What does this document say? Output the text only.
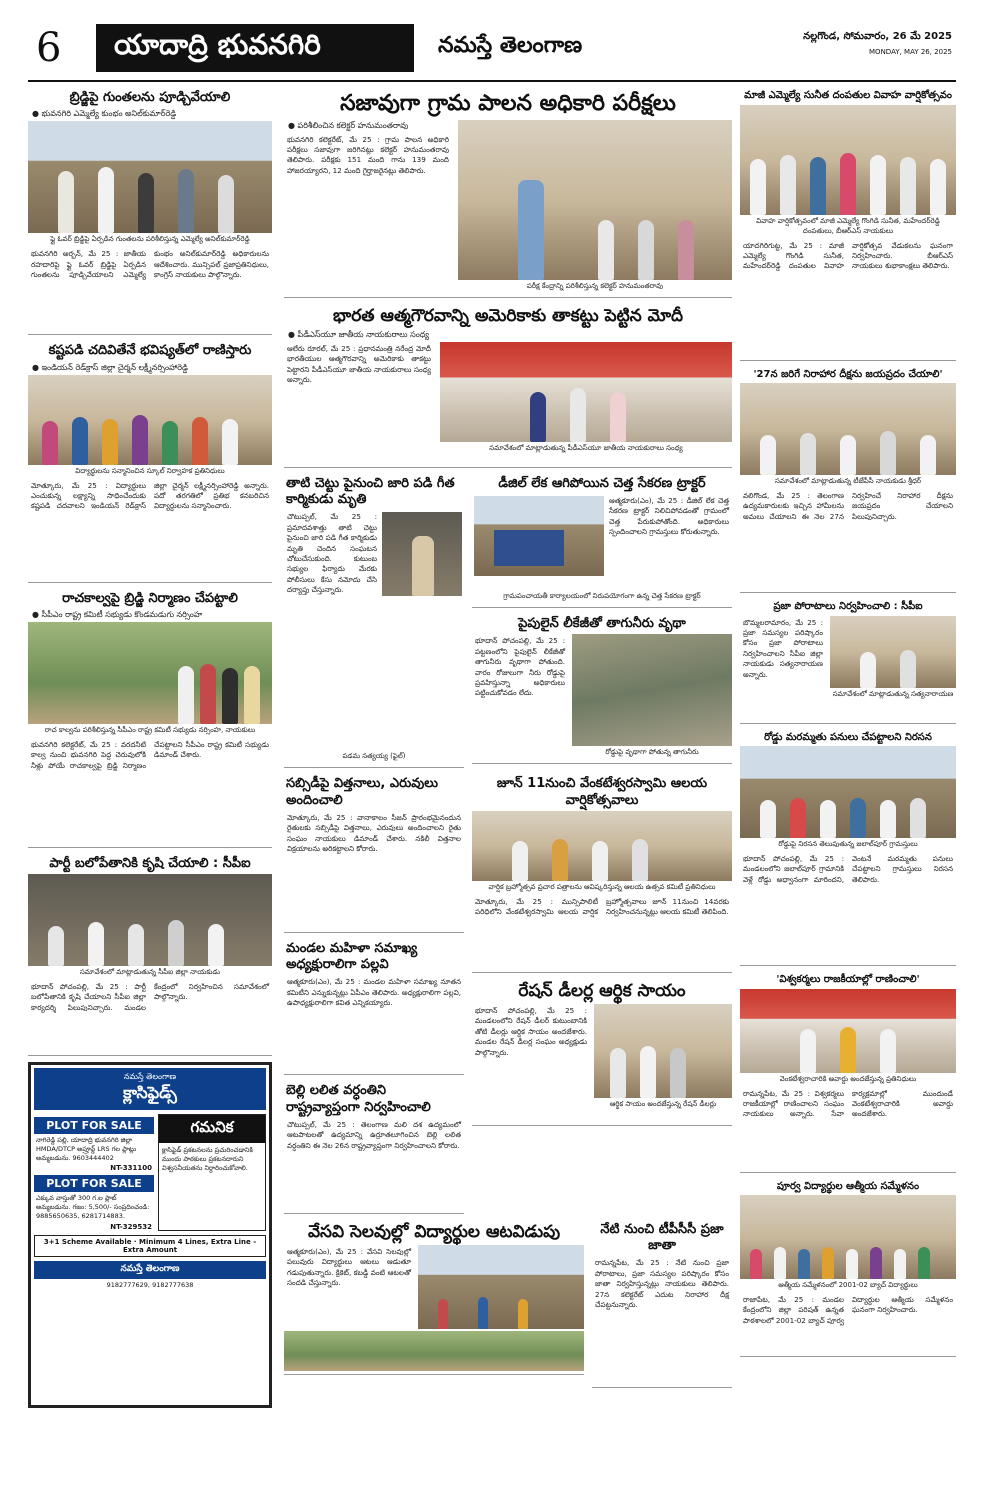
6	యాదాద్రి భువనగిరి	నమస్తే తెలంగాణ	నల్లగొండ, సోమవారం, 26 మే 2025
MONDAY, MAY 26, 2025
బ్రిడ్జిపై గుంతలను పూడ్చివేయాలి
● భువనగిరి ఎమ్మెల్యే కుంభం అనిల్‌కుమార్‌రెడ్డి
ఫ్లై ఓవర్ బ్రిడ్జిపై ఏర్పడిన గుంతలను పరిశీలిస్తున్న ఎమ్మెల్యే అనిల్‌కుమార్‌రెడ్డి
భువనగిరి అర్బన్, మే 25 : జాతీయ రహదారిపై ఫ్లై ఓవర్ బ్రిడ్జిపై ఏర్పడిన గుంతలను పూడ్చివేయాలని ఎమ్మెల్యే కుంభం అనిల్‌కుమార్‌రెడ్డి అధికారులను ఆదేశించారు. మున్సిపల్ ప్రజాప్రతినిధులు, కాంగ్రెస్ నాయకులు పాల్గొన్నారు.
కష్టపడి చదివితేనే భవిష్యత్‌లో రాణిస్తారు
● ఇండియన్ రెడ్‌క్రాస్ జిల్లా చైర్మన్ లక్ష్మీనర్సింహారెడ్డి
విద్యార్థులను సన్మానించిన స్కూల్ నిర్వాహక ప్రతినిధులు
మోత్కూరు, మే 25 : విద్యార్థులు ఎంచుకున్న లక్ష్యాన్ని సాధించేందుకు కష్టపడి చదవాలని ఇండియన్ రెడ్‌క్రాస్ జిల్లా చైర్మన్ లక్ష్మీనర్సింహారెడ్డి అన్నారు. పదో తరగతిలో ప్రతిభ కనబరిచిన విద్యార్థులను సన్మానించారు.
రాచకాల్వపై బ్రిడ్జి నిర్మాణం చేపట్టాలి
● సీపీఎం రాష్ట్ర కమిటీ సభ్యుడు కొండమడుగు నర్సింహ
రాచ కాల్వను పరిశీలిస్తున్న సీపీఎం రాష్ట్ర కమిటీ సభ్యుడు నర్సింహ, నాయకులు
భువనగిరి కలెక్టరేట్, మే 25 : వరదనీటి కాల్వ నుంచి భువనగిరి పెద్ద చెరువులోకి నీళ్లు పోయే రాచకాల్వపై బ్రిడ్జి నిర్మాణం చేపట్టాలని సీపీఎం రాష్ట్ర కమిటీ సభ్యుడు డిమాండ్ చేశారు.
పార్టీ బలోపేతానికి కృషి చేయాలి : సీపీఐ
సమావేశంలో మాట్లాడుతున్న సీపీఐ జిల్లా నాయకుడు
భూదాన్ పోచంపల్లి, మే 25 : పార్టీ బలోపేతానికి కృషి చేయాలని సీపీఐ జిల్లా కార్యదర్శి పిలుపునిచ్చారు. మండల కేంద్రంలో నిర్వహించిన సమావేశంలో పాల్గొన్నారు.
నమస్తే తెలంగాణ
క్లాసిఫైడ్స్
PLOT FOR SALE
నాగిరెడ్డి పల్లి, యాదాద్రి భువనగిరి జిల్లా HMDA/DTCP అప్రూవ్డ్ LRS గల ప్లాట్లు అమ్మబడును. 9603444402
NT-331100
PLOT FOR SALE
ఎక్కువ వాస్తుతో 300 గ.ల ప్లాట్ అమ్మబడును. గజం: 5,500/- సంప్రదించండి: 9885650635, 6281714883.
NT-329532
గమనిక
క్లాసిఫైడ్ ప్రకటనలను ప్రచురించడానికి ముందు పాఠకులు ప్రకటనదారుని విశ్వసనీయతను నిర్ధారించుకోవాలి.
3+1 Scheme Available · Minimum 4 Lines, Extra Line - Extra Amount
నమస్తే తెలంగాణ
9182777629, 9182777638
సజావుగా గ్రామ పాలన అధికారి పరీక్షలు
● పరిశీలించిన కలెక్టర్ హనుమంతరావు
భువనగిరి కలెక్టరేట్, మే 25 : గ్రామ పాలన అధికారి పరీక్షలు సజావుగా జరిగినట్లు కలెక్టర్ హనుమంతరావు తెలిపారు. పరీక్షకు 151 మంది గాను 139 మంది హాజరయ్యారని, 12 మంది గైర్హాజరైనట్లు తెలిపారు.
పరీక్ష కేంద్రాన్ని పరిశీలిస్తున్న కలెక్టర్ హనుమంతరావు
భారత ఆత్మగౌరవాన్ని అమెరికాకు తాకట్టు పెట్టిన మోదీ
● పీడీఎస్‌యూ జాతీయ నాయకురాలు సంధ్య
ఆలేరు రూరల్, మే 25 : ప్రధానమంత్రి నరేంద్ర మోదీ భారతీయుల ఆత్మగౌరవాన్ని అమెరికాకు తాకట్టు పెట్టారని పీడీఎస్‌యూ జాతీయ నాయకురాలు సంధ్య అన్నారు.
సమావేశంలో మాట్లాడుతున్న పీడీఎస్‌యూ జాతీయ నాయకురాలు సంధ్య
తాటి చెట్టు పైనుంచి జారి పడి గీత కార్మికుడు మృతి
చౌటుప్పల్, మే 25 : ప్రమాదవశాత్తు తాటి చెట్టు పైనుంచి జారి పడి గీత కార్మికుడు మృతి చెందిన సంఘటన చోటుచేసుకుంది. కుటుంబ సభ్యుల ఫిర్యాదు మేరకు పోలీసులు కేసు నమోదు చేసి దర్యాప్తు చేస్తున్నారు.
పడమ సత్యయ్య (ఫైల్)
డీజిల్ లేక ఆగిపోయిన చెత్త సేకరణ ట్రాక్టర్
ఆత్మకూరు(ఎం), మే 25 : డీజిల్ లేక చెత్త సేకరణ ట్రాక్టర్ నిలిచిపోవడంతో గ్రామంలో చెత్త పేరుకుపోతోంది. అధికారులు స్పందించాలని గ్రామస్తులు కోరుతున్నారు.
గ్రామపంచాయతీ కార్యాలయంలో నిరుపయోగంగా ఉన్న చెత్త సేకరణ ట్రాక్టర్
పైపులైన్ లీకేజీతో తాగునీరు వృథా
భూదాన్ పోచంపల్లి, మే 25 : పట్టణంలోని పైపులైన్ లీకేజీతో తాగునీరు వృథాగా పోతుంది. వారం రోజులుగా నీరు రోడ్డుపై ప్రవహిస్తున్నా అధికారులు పట్టించుకోవడం లేదు.
రోడ్డుపై వృథాగా పోతున్న తాగునీరు
సబ్సిడీపై విత్తనాలు, ఎరువులు అందించాలి
మోత్కూరు, మే 25 : వానాకాలం సీజన్ ప్రారంభమైనందున రైతులకు సబ్సిడీపై విత్తనాలు, ఎరువులు అందించాలని రైతు సంఘం నాయకులు డిమాండ్ చేశారు. నకిలీ విత్తనాల విక్రయాలను అరికట్టాలని కోరారు.
మండల మహిళా సమాఖ్య అధ్యక్షురాలిగా పల్లవి
ఆత్మకూరు(ఎం), మే 25 : మండల మహిళా సమాఖ్య నూతన కమిటీని ఎన్నుకున్నట్లు ఏపీఎం తెలిపారు. అధ్యక్షురాలిగా పల్లవి, ఉపాధ్యక్షురాలిగా కవిత ఎన్నికయ్యారు.
బెల్లి లలిత వర్ధంతిని రాష్ట్రవ్యాప్తంగా నిర్వహించాలి
చౌటుప్పల్, మే 25 : తెలంగాణ మలి దశ ఉద్యమంలో ఆటపాటలతో ఉద్యమాన్ని ఉర్రూతలూగించిన బెల్లి లలిత వర్ధంతిని ఈ నెల 26న రాష్ట్రవ్యాప్తంగా నిర్వహించాలని కోరారు.
జూన్ 11నుంచి వేంకటేశ్వరస్వామి ఆలయ వార్షికోత్సవాలు
వార్షిక బ్రహ్మోత్సవ ప్రచార పత్రాలను ఆవిష్కరిస్తున్న ఆలయ ఉత్సవ కమిటీ ప్రతినిధులు
మోత్కూరు, మే 25 : మున్సిపాలిటీ పరిధిలోని వేంకటేశ్వరస్వామి ఆలయ వార్షిక బ్రహ్మోత్సవాలు జూన్ 11నుంచి 14వరకు నిర్వహించనున్నట్లు ఆలయ కమిటీ తెలిపింది.
రేషన్ డీలర్ల ఆర్థిక సాయం
భూదాన్ పోచంపల్లి, మే 25 : మండలంలోని రేషన్ డీలర్ కుటుంబానికి తోటి డీలర్లు ఆర్థిక సాయం అందజేశారు. మండల రేషన్ డీలర్ల సంఘం అధ్యక్షుడు పాల్గొన్నారు.
ఆర్థిక సాయం అందజేస్తున్న రేషన్ డీలర్లు
వేసవి సెలవుల్లో విద్యార్థుల ఆటవిడుపు
ఆత్మకూరు(ఎం), మే 25 : వేసవి సెలవుల్లో పలువురు విద్యార్థులు ఆటలు ఆడుతూ గడుపుతున్నారు. క్రికెట్, కబడ్డీ వంటి ఆటలతో సందడి చేస్తున్నారు.
నేటి నుంచి టీపీసీసీ ప్రజా జాతా
రామన్నపేట, మే 25 : నేటి నుంచి ప్రజా పోరాటాలు, ప్రజా సమస్యల పరిష్కారం కోసం జాతా నిర్వహిస్తున్నట్లు నాయకులు తెలిపారు. 27న కలెక్టరేట్ ఎదుట నిరాహార దీక్ష చేపట్టనున్నారు.
మాజీ ఎమ్మెల్యే సునీత దంపతుల వివాహ వార్షికోత్సవం
వివాహ వార్షికోత్సవంలో మాజీ ఎమ్మెల్యే గొంగిడి సునీత, మహేందర్‌రెడ్డి దంపతులు, బీఆర్‌ఎస్ నాయకులు
యాదగిరిగుట్ట, మే 25 : మాజీ ఎమ్మెల్యే గొంగిడి సునీత, మహేందర్‌రెడ్డి దంపతుల వివాహ వార్షికోత్సవ వేడుకలను ఘనంగా నిర్వహించారు. బీఆర్‌ఎస్ నాయకులు శుభాకాంక్షలు తెలిపారు.
'27న జరిగే నిరాహార దీక్షను జయప్రదం చేయాలి'
సమావేశంలో మాట్లాడుతున్న టీజేపీసీ నాయకుడు శ్రీధర్
వలిగొండ, మే 25 : తెలంగాణ ఉద్యమకారులకు ఇచ్చిన హామీలను అమలు చేయాలని ఈ నెల 27న నిర్వహించే నిరాహార దీక్షను జయప్రదం చేయాలని పిలుపునిచ్చారు.
ప్రజా పోరాటాలు నిర్వహించాలి : సీపీఐ
బొమ్మలరామారం, మే 25 : ప్రజా సమస్యల పరిష్కారం కోసం ప్రజా పోరాటాలు నిర్వహించాలని సీపీఐ జిల్లా నాయకుడు సత్యనారాయణ అన్నారు.
సమావేశంలో మాట్లాడుతున్న సత్యనారాయణ
రోడ్డు మరమ్మతు పనులు చేపట్టాలని నిరసన
రోడ్డుపై నిరసన తెలుపుతున్న జలాల్‌పూర్ గ్రామస్తులు
భూదాన్ పోచంపల్లి, మే 25 : మండలంలోని జలాల్‌పూర్ గ్రామానికి వెళ్లే రోడ్డు అధ్వానంగా మారిందని, వెంటనే మరమ్మతు పనులు చేపట్టాలని గ్రామస్తులు నిరసన తెలిపారు.
'విశ్వకర్మలు రాజకీయాల్లో రాణించాలి'
వెంకటేశ్వరాచారికి అవార్డు అందజేస్తున్న ప్రతినిధులు
రామన్నపేట, మే 25 : విశ్వకర్మలు రాజకీయాల్లో రాణించాలని సంఘం నాయకులు అన్నారు. సేవా కార్యక్రమాల్లో ముందుండే వెంకటేశ్వరాచారికి అవార్డు అందజేశారు.
పూర్వ విద్యార్థుల ఆత్మీయ సమ్మేళనం
ఆత్మీయ సమ్మేళనంలో 2001-02 బ్యాచ్ విద్యార్థులు
రాజాపేట, మే 25 : మండల కేంద్రంలోని జిల్లా పరిషత్ ఉన్నత పాఠశాలలో 2001-02 బ్యాచ్ పూర్వ విద్యార్థుల ఆత్మీయ సమ్మేళనం ఘనంగా నిర్వహించారు.
